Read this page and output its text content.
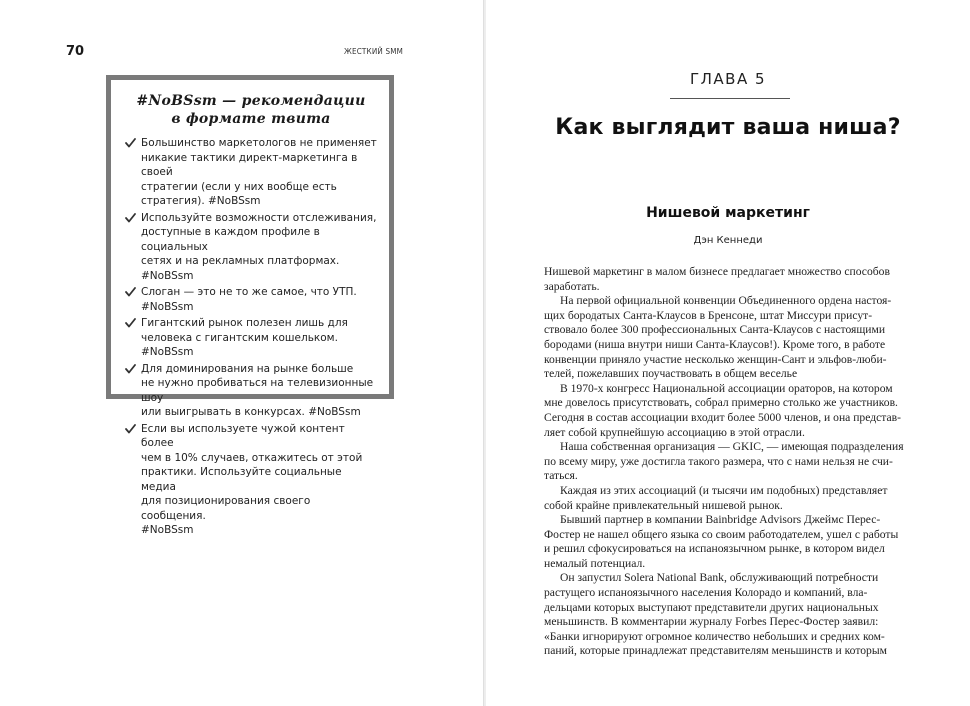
70	ЖЕСТКИЙ SMM
#NoBSsm — рекомендации
в формате твита
Большинство маркетологов не применяет
никакие тактики директ-маркетинга в своей
стратегии (если у них вообще есть
стратегия). #NoBSsm
Используйте возможности отслеживания,
доступные в каждом профиле в социальных
сетях и на рекламных платформах. #NoBSsm
Слоган — это не то же самое, что УТП.
#NoBSsm
Гигантский рынок полезен лишь для
человека с гигантским кошельком. #NoBSsm
Для доминирования на рынке больше
не нужно пробиваться на телевизионные шоу
или выигрывать в конкурсах. #NoBSsm
Если вы используете чужой контент более
чем в 10% случаев, откажитесь от этой
практики. Используйте социальные медиа
для позиционирования своего сообщения.
#NoBSsm
ГЛАВА 5
Как выглядит ваша ниша?
Нишевой маркетинг
Дэн Кеннеди

Нишевой маркетинг в малом бизнесе предлагает множество способов
заработать.

На первой официальной конвенции Объединенного ордена настоя-
щих бородатых Санта-Клаусов в Бренсоне, штат Миссури присут-
ствовало более 300 профессиональных Санта-Клаусов с настоящими
бородами (ниша внутри ниши Санта-Клаусов!). Кроме того, в работе
конвенции приняло участие несколько женщин-Сант и эльфов-люби-
телей, пожелавших поучаствовать в общем веселье

В 1970-х конгресс Национальной ассоциации ораторов, на котором
мне довелось присутствовать, собрал примерно столько же участников.
Сегодня в состав ассоциации входит более 5000 членов, и она представ-
ляет собой крупнейшую ассоциацию в этой отрасли.

Наша собственная организация — GKIC, — имеющая подразделения
по всему миру, уже достигла такого размера, что с нами нельзя не счи-
таться.

Каждая из этих ассоциаций (и тысячи им подобных) представляет
собой крайне привлекательный нишевой рынок.

Бывший партнер в компании Bainbridge Advisors Джеймс Перес-
Фостер не нашел общего языка со своим работодателем, ушел с работы
и решил сфокусироваться на испаноязычном рынке, в котором видел
немалый потенциал.

Он запустил Solera National Bank, обслуживающий потребности
растущего испаноязычного населения Колорадо и компаний, вла-
дельцами которых выступают представители других национальных
меньшинств. В комментарии журналу Forbes Перес-Фостер заявил:
«Банки игнорируют огромное количество небольших и средних ком-
паний, которые принадлежат представителям меньшинств и которым
